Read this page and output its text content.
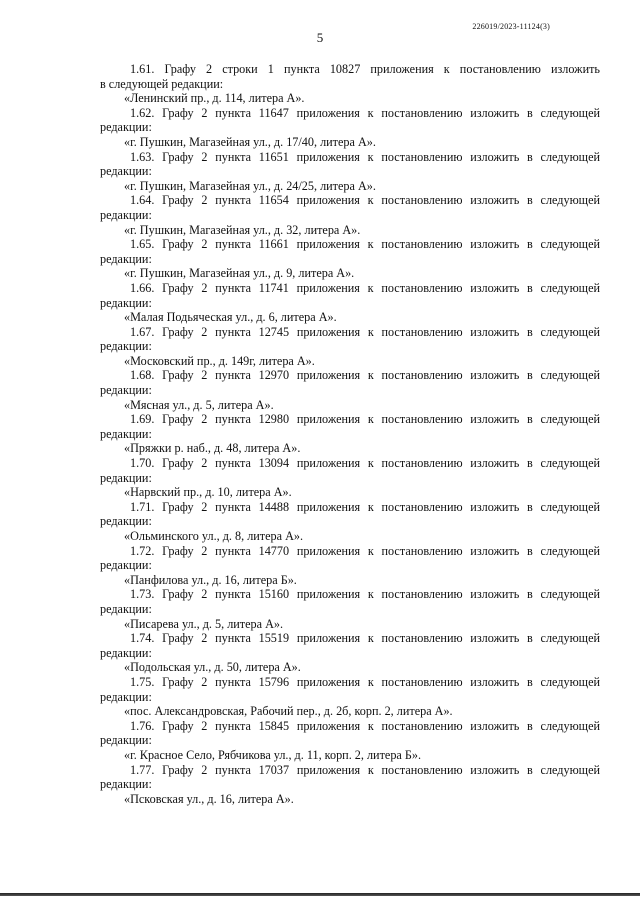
226019/2023-11124(3)
5

1.61. Графу 2 строки 1 пункта 10827 приложения к постановлению изложить

в следующей редакции:

«Ленинский пр., д. 114, литера А».

1.62. Графу 2 пункта 11647 приложения к постановлению изложить в следующей

редакции:

«г. Пушкин, Магазейная ул., д. 17/40, литера А».

1.63. Графу 2 пункта 11651 приложения к постановлению изложить в следующей

редакции:

«г. Пушкин, Магазейная ул., д. 24/25, литера А».

1.64. Графу 2 пункта 11654 приложения к постановлению изложить в следующей

редакции:

«г. Пушкин, Магазейная ул., д. 32, литера А».

1.65. Графу 2 пункта 11661 приложения к постановлению изложить в следующей

редакции:

«г. Пушкин, Магазейная ул., д. 9, литера А».

1.66. Графу 2 пункта 11741 приложения к постановлению изложить в следующей

редакции:

«Малая Подьяческая ул., д. 6, литера А».

1.67. Графу 2 пункта 12745 приложения к постановлению изложить в следующей

редакции:

«Московский пр., д. 149г, литера А».

1.68. Графу 2 пункта 12970 приложения к постановлению изложить в следующей

редакции:

«Мясная ул., д. 5, литера А».

1.69. Графу 2 пункта 12980 приложения к постановлению изложить в следующей

редакции:

«Пряжки р. наб., д. 48, литера А».

1.70. Графу 2 пункта 13094 приложения к постановлению изложить в следующей

редакции:

«Нарвский пр., д. 10, литера А».

1.71. Графу 2 пункта 14488 приложения к постановлению изложить в следующей

редакции:

«Ольминского ул., д. 8, литера А».

1.72. Графу 2 пункта 14770 приложения к постановлению изложить в следующей

редакции:

«Панфилова ул., д. 16, литера Б».

1.73. Графу 2 пункта 15160 приложения к постановлению изложить в следующей

редакции:

«Писарева ул., д. 5, литера А».

1.74. Графу 2 пункта 15519 приложения к постановлению изложить в следующей

редакции:

«Подольская ул., д. 50, литера А».

1.75. Графу 2 пункта 15796 приложения к постановлению изложить в следующей

редакции:

«пос. Александровская, Рабочий пер., д. 2б, корп. 2, литера А».

1.76. Графу 2 пункта 15845 приложения к постановлению изложить в следующей

редакции:

«г. Красное Село, Рябчикова ул., д. 11, корп. 2, литера Б».

1.77. Графу 2 пункта 17037 приложения к постановлению изложить в следующей

редакции:

«Псковская ул., д. 16, литера А».
